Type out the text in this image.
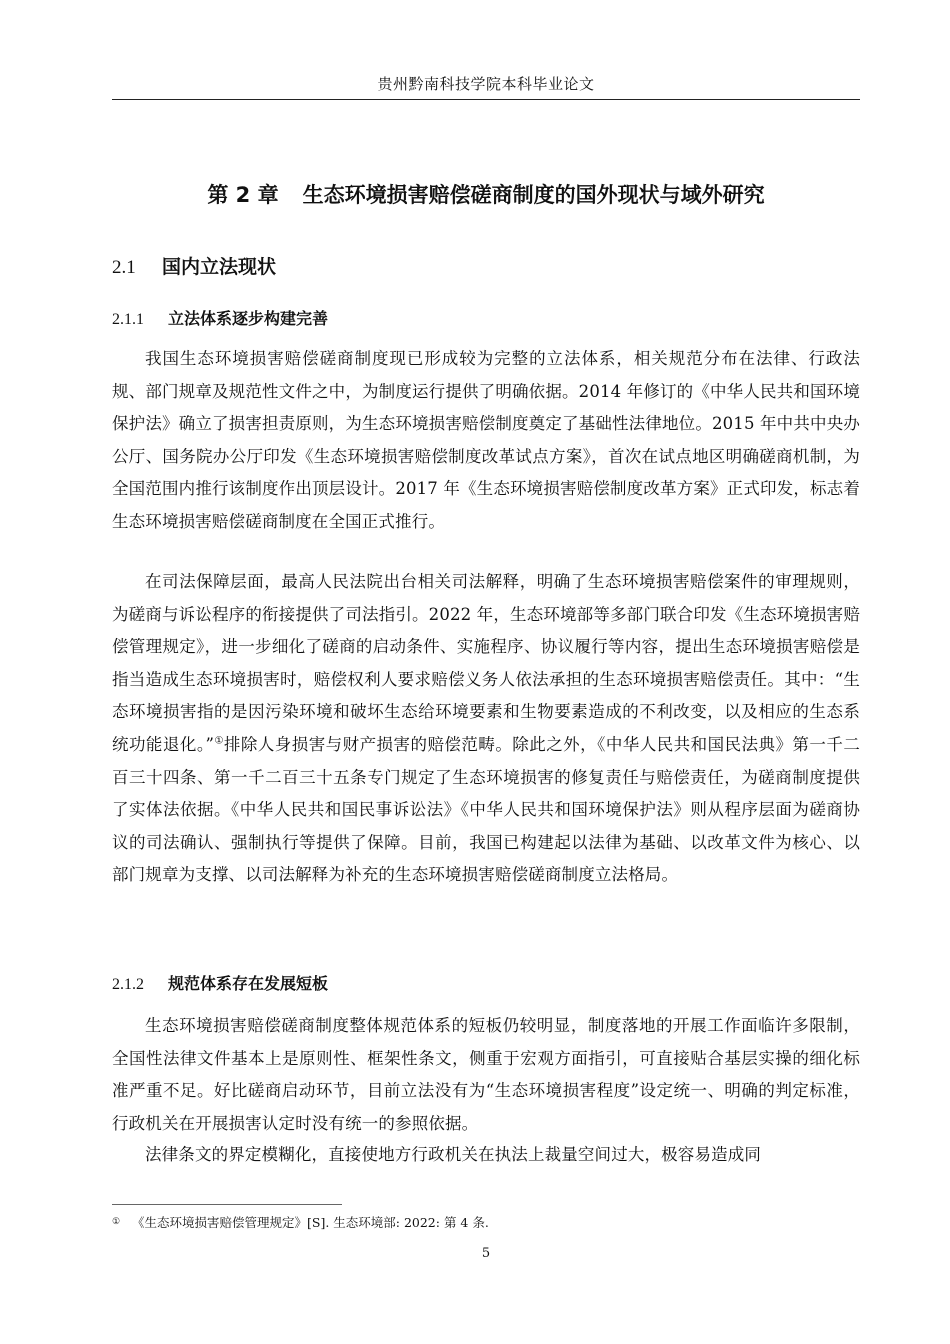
贵州黔南科技学院本科毕业论文
第 2 章 生态环境损害赔偿磋商制度的国外现状与域外研究
2.1 国内立法现状
2.1.1 立法体系逐步构建完善

我国生态环境损害赔偿磋商制度现已形成较为完整的立法体系，相关规范分布在法律、行政法规、部门规章及规范性文件之中，为制度运行提供了明确依据。2014 年修订的《中华人民共和国环境保护法》确立了损害担责原则，为生态环境损害赔偿制度奠定了基础性法律地位。2015 年中共中央办公厅、国务院办公厅印发《生态环境损害赔偿制度改革试点方案》，首次在试点地区明确磋商机制，为全国范围内推行该制度作出顶层设计。2017 年《生态环境损害赔偿制度改革方案》正式印发，标志着生态环境损害赔偿磋商制度在全国正式推行。

在司法保障层面，最高人民法院出台相关司法解释，明确了生态环境损害赔偿案件的审理规则，为磋商与诉讼程序的衔接提供了司法指引。2022 年，生态环境部等多部门联合印发《生态环境损害赔偿管理规定》，进一步细化了磋商的启动条件、实施程序、协议履行等内容，提出生态环境损害赔偿是指当造成生态环境损害时，赔偿权利人要求赔偿义务人依法承担的生态环境损害赔偿责任。其中：“生态环境损害指的是因污染环境和破坏生态给环境要素和生物要素造成的不利改变，以及相应的生态系统功能退化。”①排除人身损害与财产损害的赔偿范畴。除此之外，《中华人民共和国民法典》第一千二百三十四条、第一千二百三十五条专门规定了生态环境损害的修复责任与赔偿责任，为磋商制度提供了实体法依据。《中华人民共和国民事诉讼法》《中华人民共和国环境保护法》则从程序层面为磋商协议的司法确认、强制执行等提供了保障。目前，我国已构建起以法律为基础、以改革文件为核心、以部门规章为支撑、以司法解释为补充的生态环境损害赔偿磋商制度立法格局。

2.1.2 规范体系存在发展短板

生态环境损害赔偿磋商制度整体规范体系的短板仍较明显，制度落地的开展工作面临许多限制，全国性法律文件基本上是原则性、框架性条文，侧重于宏观方面指引，可直接贴合基层实操的细化标准严重不足。好比磋商启动环节，目前立法没有为“生态环境损害程度”设定统一、明确的判定标准，行政机关在开展损害认定时没有统一的参照依据。

法律条文的界定模糊化，直接使地方行政机关在执法上裁量空间过大，极容易造成同

① 《生态环境损害赔偿管理规定》[S]. 生态环境部: 2022: 第 4 条.
5
